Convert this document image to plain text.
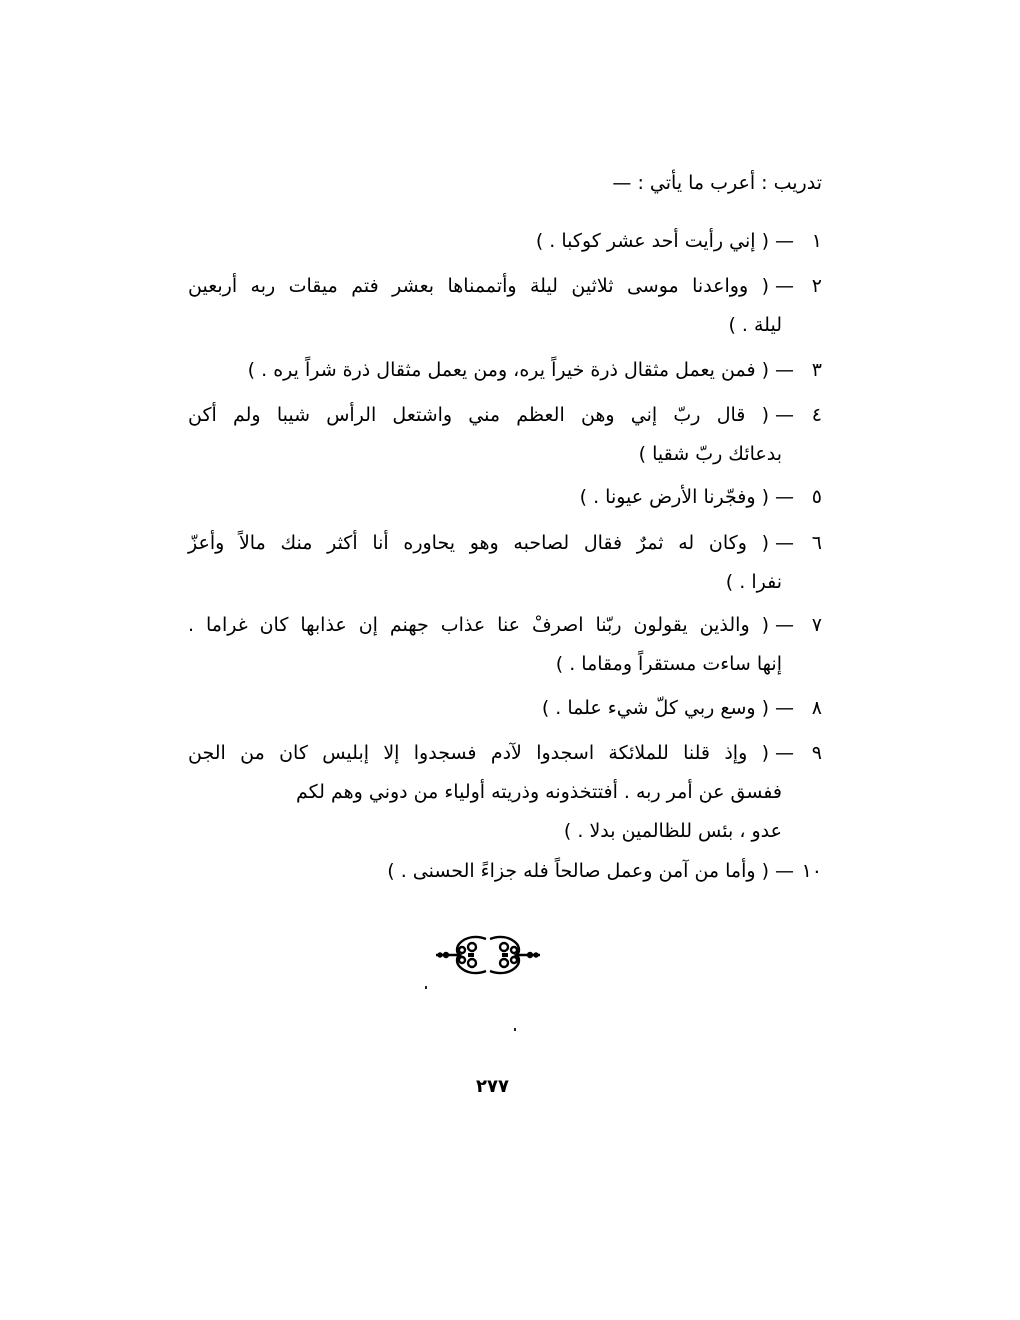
تدريب : أعرب ما يأتي : —
١—( إني رأيت أحد عشر كوكبا . )
٢—( وواعدنا موسى ثلاثين ليلة وأتممناها بعشر فتم ميقات ربه أربعين
ليلة . )
٣—( فمن يعمل مثقال ذرة خيراً يره، ومن يعمل مثقال ذرة شراً يره . )
٤—( قال ربّ إني وهن العظم مني واشتعل الرأس شيبا ولم أكن
بدعائك ربّ شقيا )
٥—( وفجّرنا الأرض عيونا . )
٦—( وكان له ثمرٌ فقال لصاحبه وهو يحاوره أنا أكثر منك مالاً وأعزّ
نفرا . )
٧—( والذين يقولون ربّنا اصرفْ عنا عذاب جهنم إن عذابها كان غراما .
إنها ساءت مستقراً ومقاما . )
٨—( وسع ربي كلّ شيء علما . )
٩—( وإذ قلنا للملائكة اسجدوا لآدم فسجدوا إلا إبليس كان من الجن
ففسق عن أمر ربه . أفتتخذونه وذريته أولياء من دوني وهم لكم
عدو ، بئس للظالمين بدلا . )
١٠—( وأما من آمن وعمل صالحاً فله جزاءً الحسنى . )
٢٧٧
